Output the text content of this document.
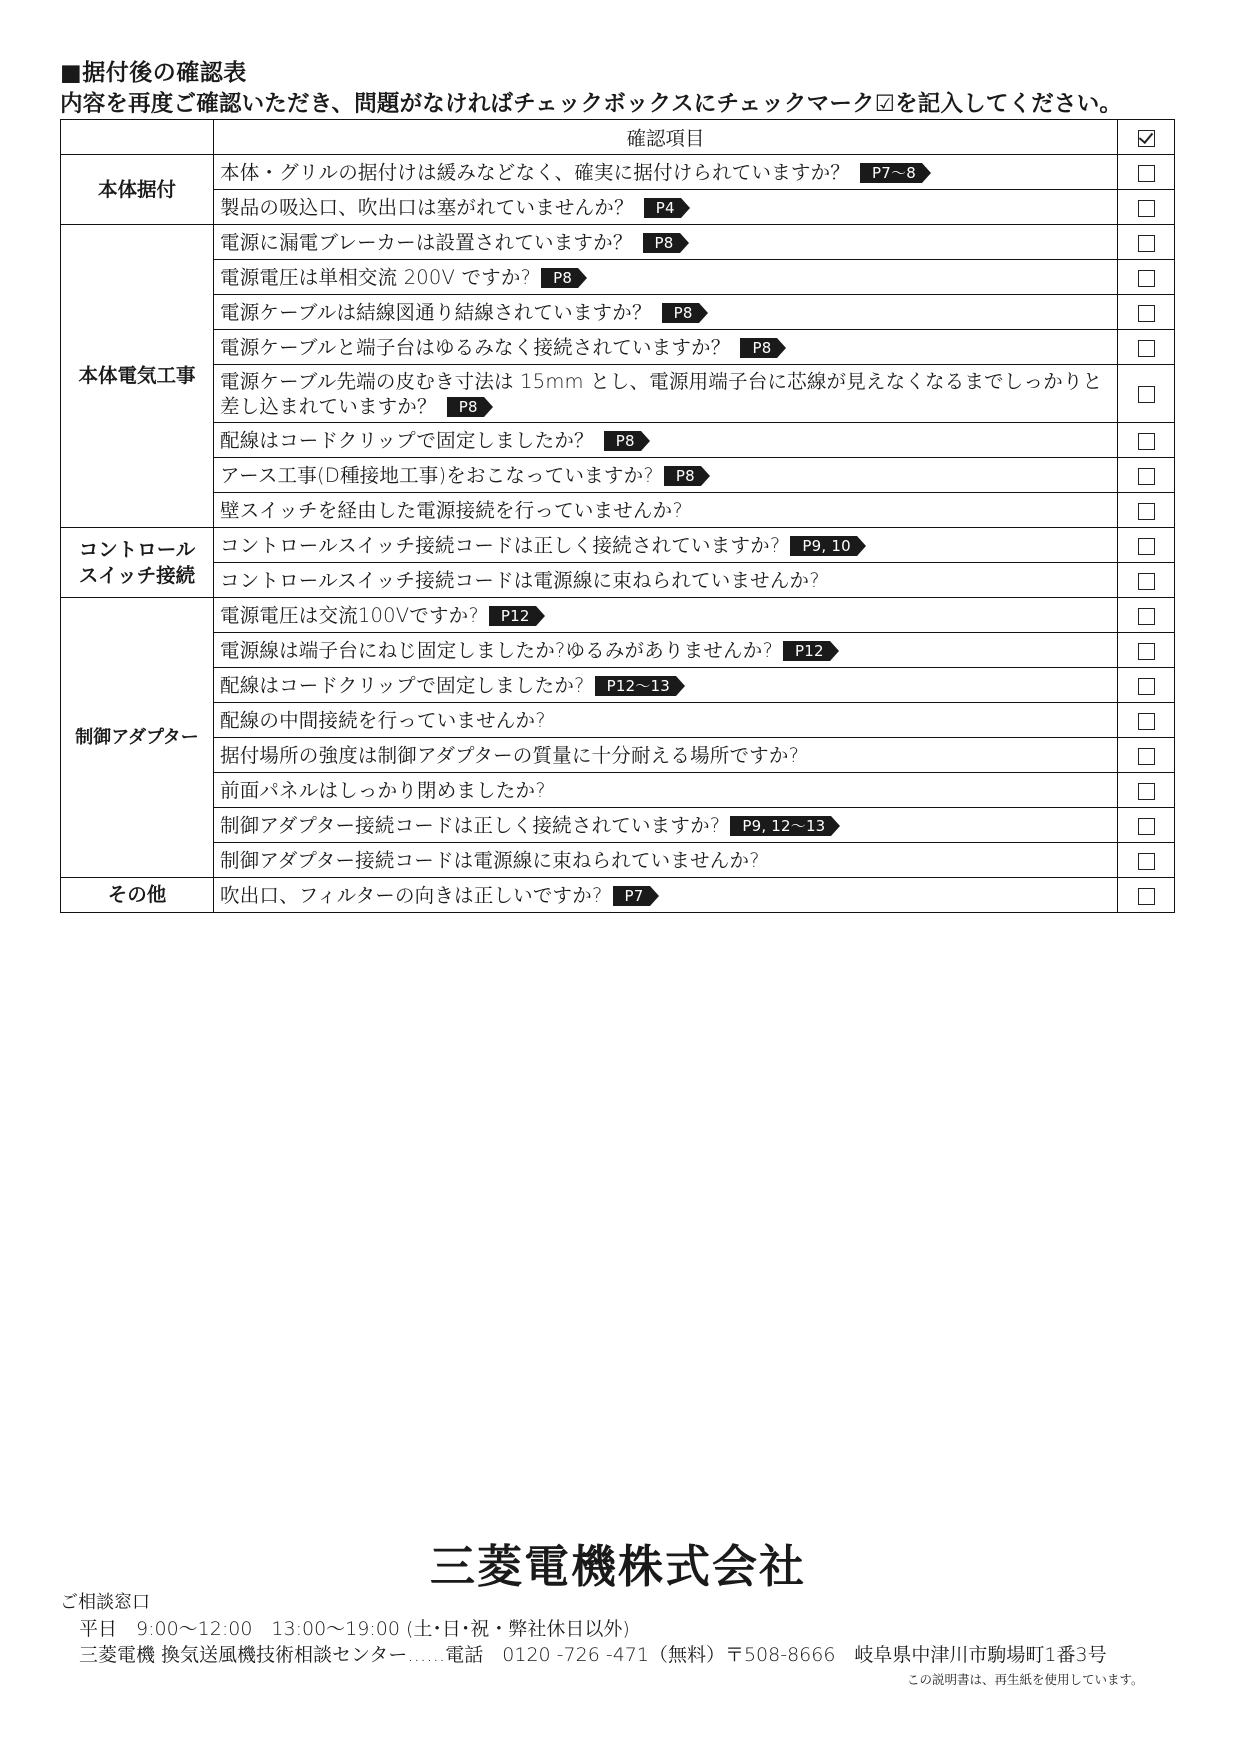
■据付後の確認表
内容を再度ご確認いただき、問題がなければチェックボックスにチェックマーク☑を記入してください。
	確認項目	
本体据付	本体・グリルの据付けは緩みなどなく、確実に据付けられていますか？ P7～8	
	製品の吸込口、吹出口は塞がれていませんか？ P4	
本体電気工事	電源に漏電ブレーカーは設置されていますか？ P8	
	電源電圧は単相交流 200V ですか? P8	
	電源ケーブルは結線図通り結線されていますか？ P8	
	電源ケーブルと端子台はゆるみなく接続されていますか？ P8	
	電源ケーブル先端の皮むき寸法は 15mm とし、電源用端子台に芯線が見えなくなるまでしっかりと差し込まれていますか？ P8	
	配線はコードクリップで固定しましたか？ P8	
	アース工事(D種接地工事)をおこなっていますか? P8	
	壁スイッチを経由した電源接続を行っていませんか?	
コントロール
スイッチ接続	コントロールスイッチ接続コードは正しく接続されていますか? P9, 10	
	コントロールスイッチ接続コードは電源線に束ねられていませんか?	
制御アダプター	電源電圧は交流100Vですか? P12	
	電源線は端子台にねじ固定しましたか?ゆるみがありませんか? P12	
	配線はコードクリップで固定しましたか? P12～13	
	配線の中間接続を行っていませんか?	
	据付場所の強度は制御アダプターの質量に十分耐える場所ですか?	
	前面パネルはしっかり閉めましたか?	
	制御アダプター接続コードは正しく接続されていますか? P9, 12～13	
	制御アダプター接続コードは電源線に束ねられていませんか?	
その他	吹出口、フィルターの向きは正しいですか? P7	
三菱電機株式会社
ご相談窓口
平日　9:00～12:00　13:00～19:00 (土･日･祝・弊社休日以外)
三菱電機 換気送風機技術相談センター……電話　0120 -726 -471（無料）〒508-8666　岐阜県中津川市駒場町1番3号
この説明書は、再生紙を使用しています。
